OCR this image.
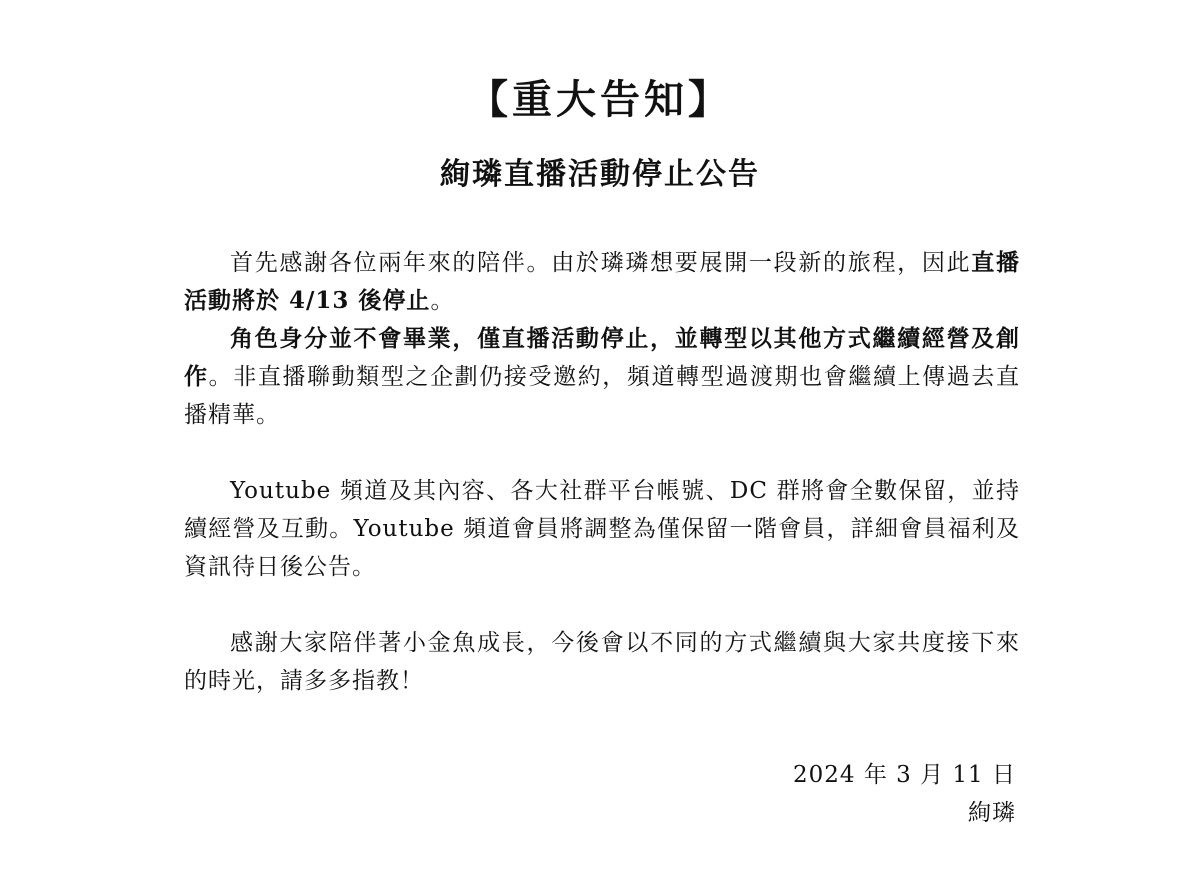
【重大告知】
絢璘直播活動停止公告

首先感謝各位兩年來的陪伴。由於璘璘想要展開一段新的旅程，因此直播活動將於 4/13 後停止。

角色身分並不會畢業，僅直播活動停止，並轉型以其他方式繼續經營及創作。非直播聯動類型之企劃仍接受邀約，頻道轉型過渡期也會繼續上傳過去直播精華。

Youtube 頻道及其內容、各大社群平台帳號、DC 群將會全數保留，並持續經營及互動。Youtube 頻道會員將調整為僅保留一階會員，詳細會員福利及資訊待日後公告。

感謝大家陪伴著小金魚成長，今後會以不同的方式繼續與大家共度接下來的時光，請多多指教！

2024 年 3 月 11 日
絢璘
